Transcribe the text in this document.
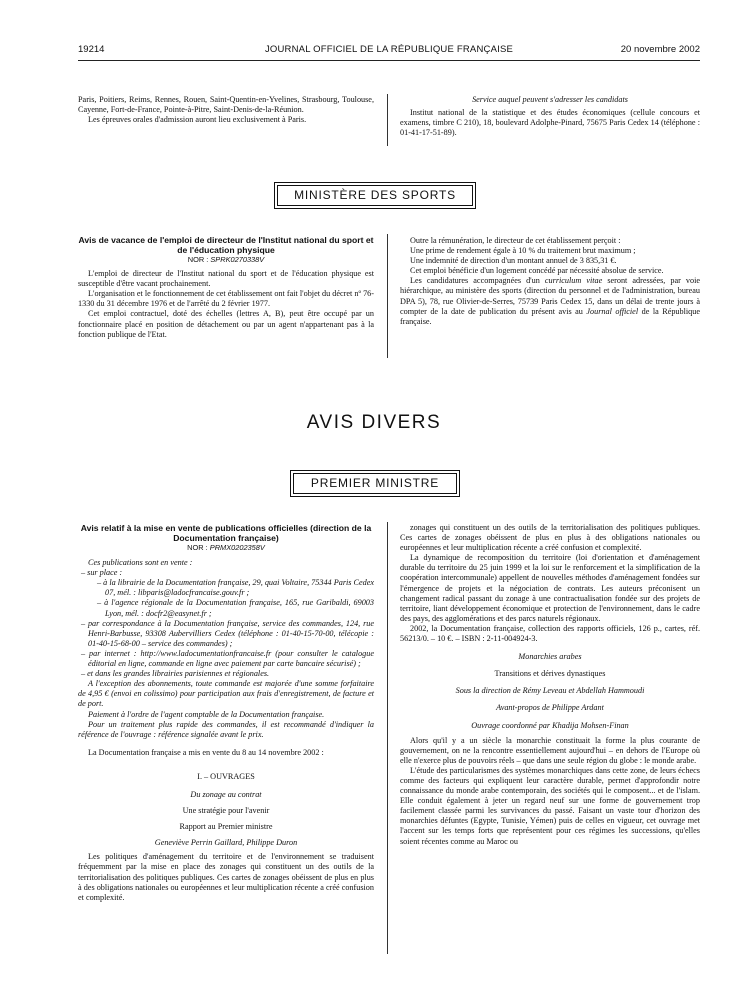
19214	JOURNAL OFFICIEL DE LA RÉPUBLIQUE FRANÇAISE	20 novembre 2002

Paris, Poitiers, Reims, Rennes, Rouen, Saint-Quentin-en-Yvelines, Strasbourg, Toulouse, Cayenne, Fort-de-France, Pointe-à-Pitre, Saint-Denis-de-la-Réunion.

Les épreuves orales d'admission auront lieu exclusivement à Paris.

Service auquel peuvent s'adresser les candidats

Institut national de la statistique et des études économiques (cellule concours et examens, timbre C 210), 18, boulevard Adolphe-Pinard, 75675 Paris Cedex 14 (téléphone : 01-41-17-51-89).

MINISTÈRE DES SPORTS

Avis de vacance de l'emploi de directeur de l'Institut national du sport et de l'éducation physique

NOR : SPRK0270338V

L'emploi de directeur de l'Institut national du sport et de l'éducation physique est susceptible d'être vacant prochainement.

L'organisation et le fonctionnement de cet établissement ont fait l'objet du décret nº 76-1330 du 31 décembre 1976 et de l'arrêté du 2 février 1977.

Cet emploi contractuel, doté des échelles (lettres A, B), peut être occupé par un fonctionnaire placé en position de détachement ou par un agent n'appartenant pas à la fonction publique de l'Etat.

Outre la rémunération, le directeur de cet établissement perçoit :

Une prime de rendement égale à 10 % du traitement brut maximum ;

Une indemnité de direction d'un montant annuel de 3 835,31 €.

Cet emploi bénéficie d'un logement concédé par nécessité absolue de service.

Les candidatures accompagnées d'un curriculum vitae seront adressées, par voie hiérarchique, au ministère des sports (direction du personnel et de l'administration, bureau DPA 5), 78, rue Olivier-de-Serres, 75739 Paris Cedex 15, dans un délai de trente jours à compter de la date de publication du présent avis au Journal officiel de la République française.

AVIS DIVERS
PREMIER MINISTRE

Avis relatif à la mise en vente de publications officielles (direction de la Documentation française)

NOR : PRMX0202358V

Ces publications sont en vente :

– sur place :

– à la librairie de la Documentation française, 29, quai Voltaire, 75344 Paris Cedex 07, mél. : libparis@ladocfrancaise.gouv.fr ;

– à l'agence régionale de la Documentation française, 165, rue Garibaldi, 69003 Lyon, mél. : docfr2@easynet.fr ;

– par correspondance à la Documentation française, service des commandes, 124, rue Henri-Barbusse, 93308 Aubervilliers Cedex (téléphone : 01-40-15-70-00, télécopie : 01-40-15-68-00 – service des commandes) ;

– par internet : http://www.ladocumentationfrancaise.fr (pour consulter le catalogue éditorial en ligne, commande en ligne avec paiement par carte bancaire sécurisé) ;

– et dans les grandes librairies parisiennes et régionales.

A l'exception des abonnements, toute commande est majorée d'une somme forfaitaire de 4,95 € (envoi en colissimo) pour participation aux frais d'enregistrement, de facture et de port.

Paiement à l'ordre de l'agent comptable de la Documentation française.

Pour un traitement plus rapide des commandes, il est recommandé d'indiquer la référence de l'ouvrage : référence signalée avant le prix.

La Documentation française a mis en vente du 8 au 14 novembre 2002 :

I. – OUVRAGES

Du zonage au contrat

Une stratégie pour l'avenir

Rapport au Premier ministre

Geneviève Perrin Gaillard, Philippe Duron

Les politiques d'aménagement du territoire et de l'environnement se traduisent fréquemment par la mise en place des zonages qui constituent un des outils de la territorialisation des politiques publiques. Ces cartes de zonages obéissent de plus en plus à des obligations nationales ou européennes et leur multiplication récente a créé confusion et complexité.

zonages qui constituent un des outils de la territorialisation des politiques publiques. Ces cartes de zonages obéissent de plus en plus à des obligations nationales ou européennes et leur multiplication récente a créé confusion et complexité.

La dynamique de recomposition du territoire (loi d'orientation et d'aménagement durable du territoire du 25 juin 1999 et la loi sur le renforcement et la simplification de la coopération intercommunale) appellent de nouvelles méthodes d'aménagement fondées sur l'émergence de projets et la négociation de contrats. Les auteurs préconisent un changement radical passant du zonage à une contractualisation fondée sur des projets de territoire, liant développement économique et protection de l'environnement, dans le cadre des pays, des agglomérations et des parcs naturels régionaux.

2002, la Documentation française, collection des rapports officiels, 126 p., cartes, réf. 56213/0. – 10 €. – ISBN : 2-11-004924-3.

Monarchies arabes

Transitions et dérives dynastiques

Sous la direction de Rémy Leveau et Abdellah Hammoudi

Avant-propos de Philippe Ardant

Ouvrage coordonné par Khadija Mohsen-Finan

Alors qu'il y a un siècle la monarchie constituait la forme la plus courante de gouvernement, on ne la rencontre essentiellement aujourd'hui – en dehors de l'Europe où elle n'exerce plus de pouvoirs réels – que dans une seule région du globe : le monde arabe.

L'étude des particularismes des systèmes monarchiques dans cette zone, de leurs échecs comme des facteurs qui expliquent leur caractère durable, permet d'approfondir notre connaissance du monde arabe contemporain, des sociétés qui le composent... et de l'islam. Elle conduit également à jeter un regard neuf sur une forme de gouvernement trop facilement classée parmi les survivances du passé. Faisant un vaste tour d'horizon des monarchies défuntes (Egypte, Tunisie, Yémen) puis de celles en vigueur, cet ouvrage met l'accent sur les temps forts que représentent pour ces régimes les successions, qu'elles soient récentes comme au Maroc ou
